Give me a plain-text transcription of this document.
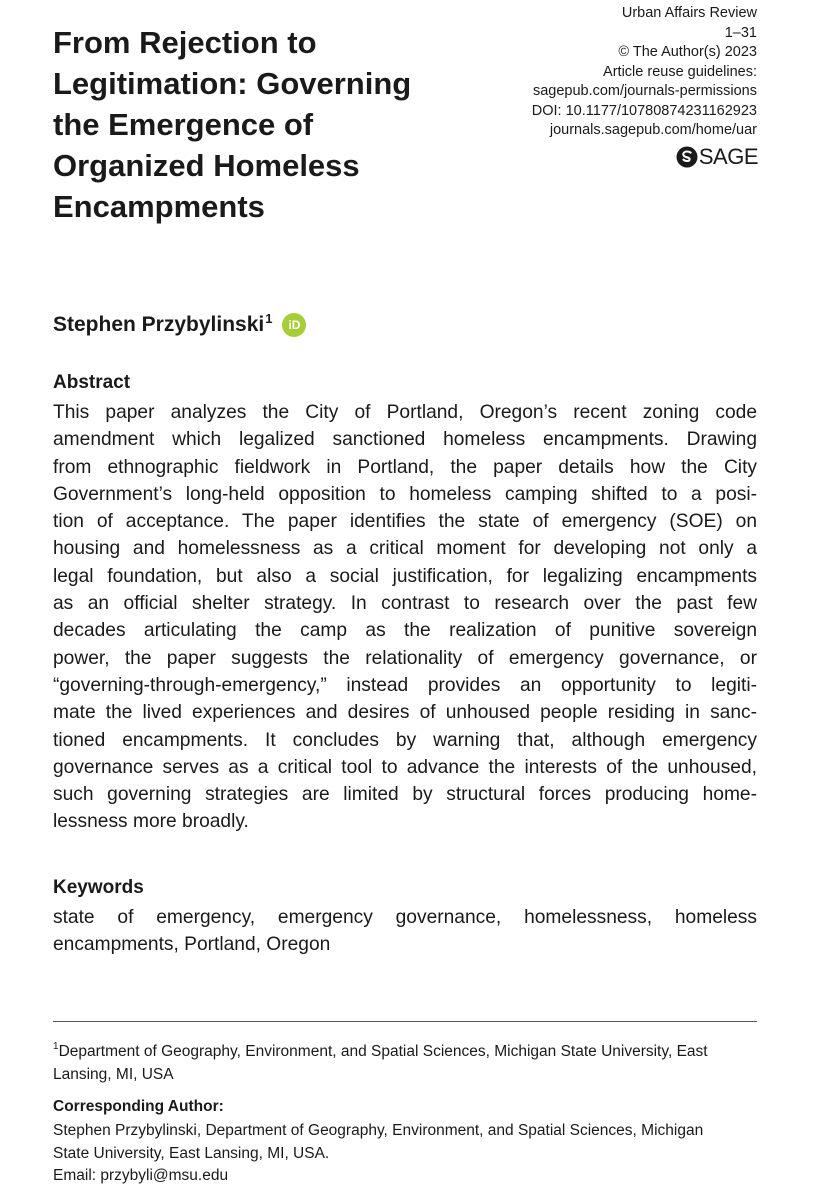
From Rejection to
Legitimation: Governing
the Emergence of
Organized Homeless
Encampments
Urban Affairs Review
1–31
© The Author(s) 2023
Article reuse guidelines:
sagepub.com/journals-permissions
DOI: 10.1177/10780874231162923
journals.sagepub.com/home/uar
SAGE
Stephen Przybylinski$^1$	iD
Abstract
This paper analyzes the City of Portland, Oregon’s recent zoning code
amendment which legalized sanctioned homeless encampments. Drawing
from ethnographic fieldwork in Portland, the paper details how the City
Government’s long-held opposition to homeless camping shifted to a posi-
tion of acceptance. The paper identifies the state of emergency (SOE) on
housing and homelessness as a critical moment for developing not only a
legal foundation, but also a social justification, for legalizing encampments
as an official shelter strategy. In contrast to research over the past few
decades articulating the camp as the realization of punitive sovereign
power, the paper suggests the relationality of emergency governance, or
“governing-through-emergency,” instead provides an opportunity to legiti-
mate the lived experiences and desires of unhoused people residing in sanc-
tioned encampments. It concludes by warning that, although emergency
governance serves as a critical tool to advance the interests of the unhoused,
such governing strategies are limited by structural forces producing home-
lessness more broadly.
Keywords
state of emergency, emergency governance, homelessness, homeless
encampments, Portland, Oregon
$^1$Department of Geography, Environment, and Spatial Sciences, Michigan State University, East
Lansing, MI, USA
Corresponding Author:
Stephen Przybylinski, Department of Geography, Environment, and Spatial Sciences, Michigan
State University, East Lansing, MI, USA.
Email: przybyli@msu.edu
